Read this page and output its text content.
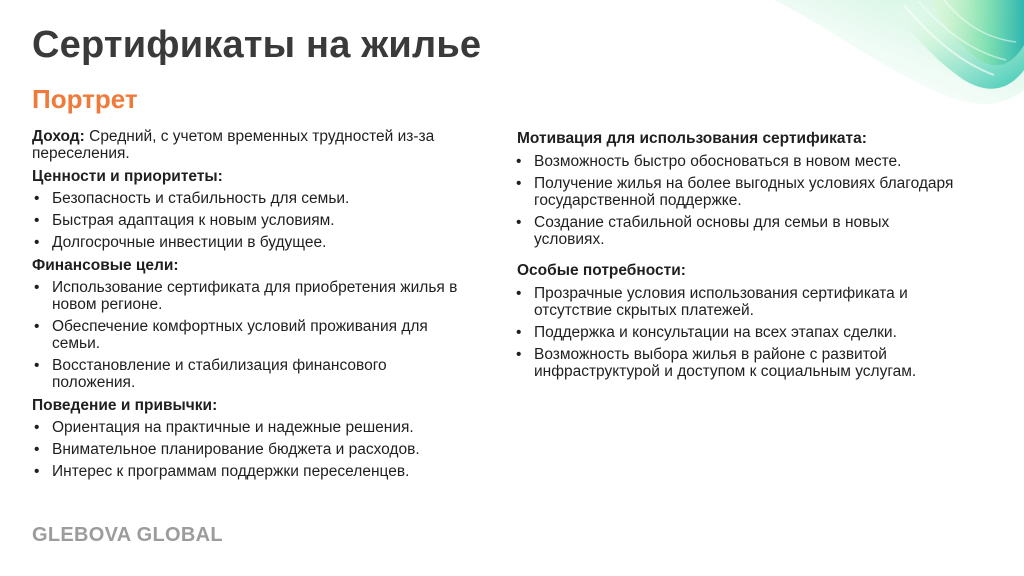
Сертификаты на жилье
Портрет
Доход: Средний, с учетом временных трудностей из-за переселения.
Ценности и приоритеты:
• Безопасность и стабильность для семьи.
• Быстрая адаптация к новым условиям.
• Долгосрочные инвестиции в будущее.
Финансовые цели:
• Использование сертификата для приобретения жилья в новом регионе.
• Обеспечение комфортных условий проживания для семьи.
• Восстановление и стабилизация финансового положения.
Поведение и привычки:
• Ориентация на практичные и надежные решения.
• Внимательное планирование бюджета и расходов.
• Интерес к программам поддержки переселенцев.
Мотивация для использования сертификата:
• Возможность быстро обосноваться в новом месте.
• Получение жилья на более выгодных условиях благодаря государственной поддержке.
• Создание стабильной основы для семьи в новых условиях.
Особые потребности:
• Прозрачные условия использования сертификата и отсутствие скрытых платежей.
• Поддержка и консультации на всех этапах сделки.
• Возможность выбора жилья в районе с развитой инфраструктурой и доступом к социальным услугам.
GLEBOVA GLOBAL
